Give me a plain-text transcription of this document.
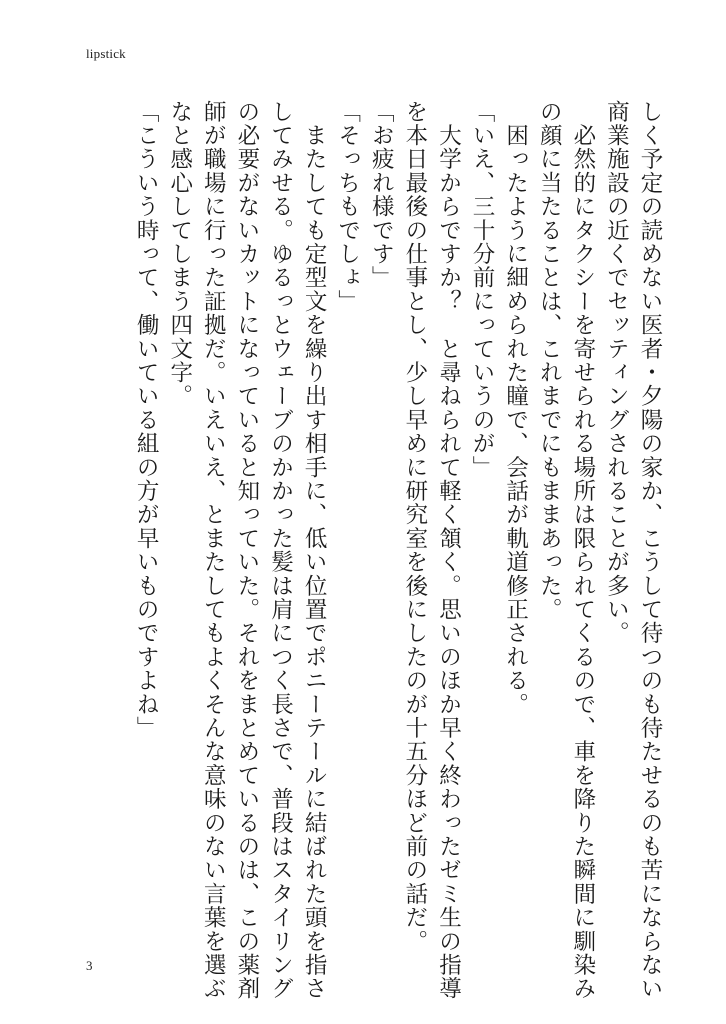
lipstick
しく予定の読めない医者・夕陽の家か、こうして待つのも待たせるのも苦にならない
商業施設の近くでセッティングされることが多い。
　必然的にタクシーを寄せられる場所は限られてくるので、車を降りた瞬間に馴染み
の顔に当たることは、これまでにもままあった。
　困ったように細められた瞳で、会話が軌道修正される。
「いえ、三十分前にっていうのが」
　大学からですか？　と尋ねられて軽く頷く。思いのほか早く終わったゼミ生の指導
を本日最後の仕事とし、少し早めに研究室を後にしたのが十五分ほど前の話だ。
「お疲れ様です」
「そっちもでしょ」
　またしても定型文を繰り出す相手に、低い位置でポニーテールに結ばれた頭を指さ
してみせる。ゆるっとウェーブのかかった髪は肩につく長さで、普段はスタイリング
の必要がないカットになっていると知っていた。それをまとめているのは、この薬剤
師が職場に行った証拠だ。いえいえ、とまたしてもよくそんな意味のない言葉を選ぶ
なと感心してしまう四文字。
「こういう時って、働いている組の方が早いものですよね」
3
